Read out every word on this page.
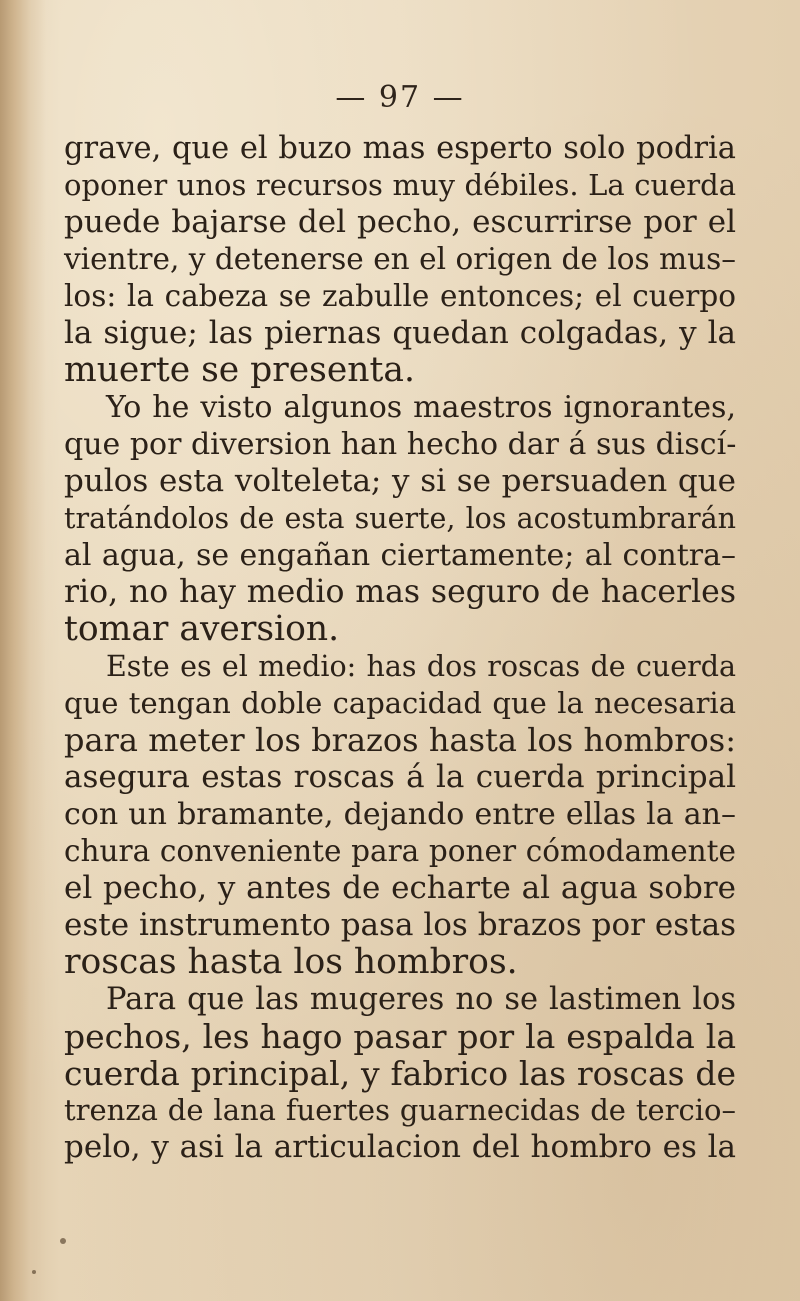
— 97 —
grave, que el buzo mas esperto solo podria
oponer unos recursos muy débiles. La cuerda
puede bajarse del pecho, escurrirse por el
vientre, y detenerse en el origen de los mus–
los: la cabeza se zabulle entonces; el cuerpo
la sigue; las piernas quedan colgadas, y la
muerte se presenta.
Yo he visto algunos maestros ignorantes,
que por diversion han hecho dar á sus discí-
pulos esta volteleta; y si se persuaden que
tratándolos de esta suerte, los acostumbrarán
al agua, se engañan ciertamente; al contra–
rio, no hay medio mas seguro de hacerles
tomar aversion.
Este es el medio: has dos roscas de cuerda
que tengan doble capacidad que la necesaria
para meter los brazos hasta los hombros:
asegura estas roscas á la cuerda principal
con un bramante, dejando entre ellas la an–
chura conveniente para poner cómodamente
el pecho, y antes de echarte al agua sobre
este instrumento pasa los brazos por estas
roscas hasta los hombros.
Para que las mugeres no se lastimen los
pechos, les hago pasar por la espalda la
cuerda principal, y fabrico las roscas de
trenza de lana fuertes guarnecidas de tercio–
pelo, y asi la articulacion del hombro es la
